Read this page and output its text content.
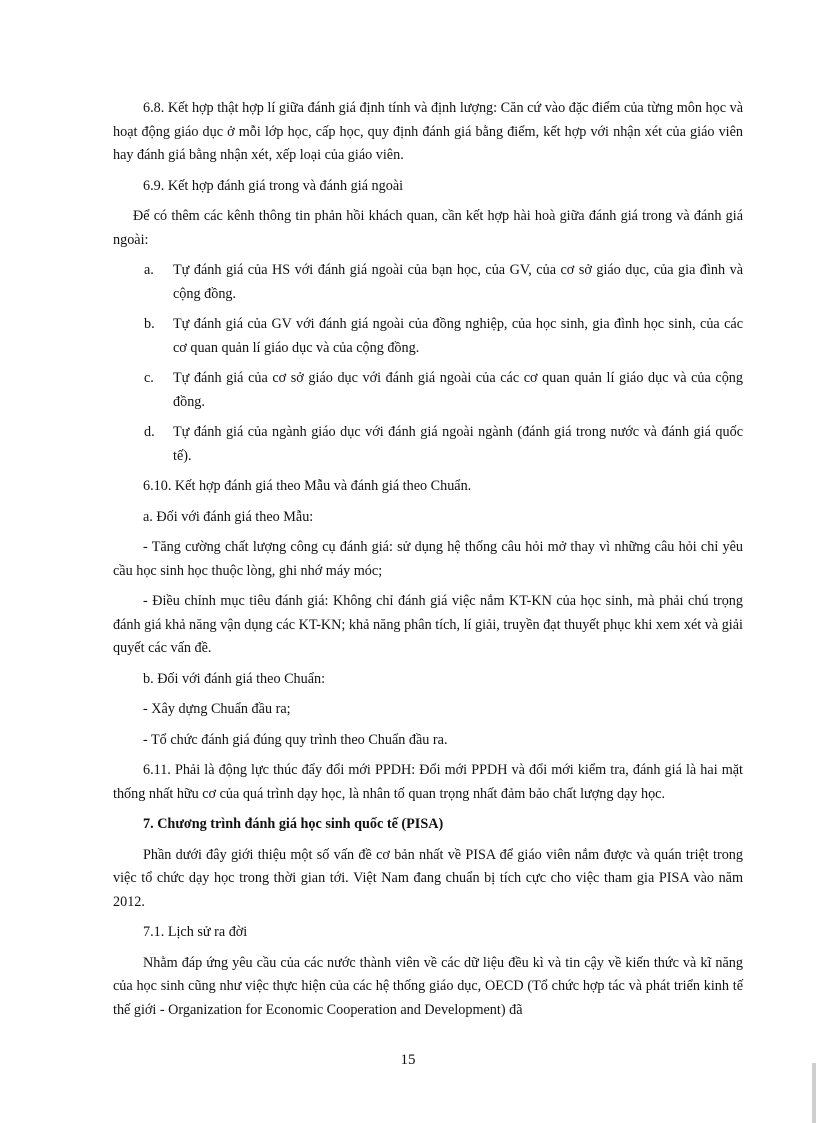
6.8. Kết hợp thật hợp lí giữa đánh giá định tính và định lượng: Căn cứ vào đặc điểm của từng môn học và hoạt động giáo dục ở mỗi lớp học, cấp học, quy định đánh giá bằng điểm, kết hợp với nhận xét của giáo viên hay đánh giá bằng nhận xét, xếp loại của giáo viên.

6.9. Kết hợp đánh giá trong và đánh giá ngoài

Để có thêm các kênh thông tin phản hồi khách quan, cần kết hợp hài hoà giữa đánh giá trong và đánh giá ngoài:

a.	Tự đánh giá của HS với đánh giá ngoài của bạn học, của GV, của cơ sở giáo dục, của gia đình và cộng đồng.
b.	Tự đánh giá của GV với đánh giá ngoài của đồng nghiệp, của học sinh, gia đình học sinh, của các cơ quan quản lí giáo dục và của cộng đồng.
c.	Tự đánh giá của cơ sở giáo dục với đánh giá ngoài của các cơ quan quản lí giáo dục và của cộng đồng.
d.	Tự đánh giá của ngành giáo dục với đánh giá ngoài ngành (đánh giá trong nước và đánh giá quốc tế).

6.10. Kết hợp đánh giá theo Mẫu và đánh giá theo Chuẩn.

a. Đối với đánh giá theo Mẫu:

- Tăng cường chất lượng công cụ đánh giá: sử dụng hệ thống câu hỏi mở thay vì những câu hỏi chỉ yêu cầu học sinh học thuộc lòng, ghi nhớ máy móc;

- Điều chỉnh mục tiêu đánh giá: Không chỉ đánh giá việc nắm KT-KN của học sinh, mà phải chú trọng đánh giá khả năng vận dụng các KT-KN; khả năng phân tích, lí giải, truyền đạt thuyết phục khi xem xét và giải quyết các vấn đề.

b. Đối với đánh giá theo Chuẩn:

- Xây dựng Chuẩn đầu ra;

- Tổ chức đánh giá đúng quy trình theo Chuẩn đầu ra.

6.11. Phải là động lực thúc đẩy đổi mới PPDH: Đổi mới PPDH và đổi mới kiểm tra, đánh giá là hai mặt thống nhất hữu cơ của quá trình dạy học, là nhân tố quan trọng nhất đảm bảo chất lượng dạy học.

7. Chương trình đánh giá học sinh quốc tế (PISA)

Phần dưới đây giới thiệu một số vấn đề cơ bản nhất về PISA để giáo viên nắm được và quán triệt trong việc tổ chức dạy học trong thời gian tới. Việt Nam đang chuẩn bị tích cực cho việc tham gia PISA vào năm 2012.

7.1. Lịch sử ra đời

Nhằm đáp ứng yêu cầu của các nước thành viên về các dữ liệu đều kì và tin cậy về kiến thức và kĩ năng của học sinh cũng như việc thực hiện của các hệ thống giáo dục, OECD (Tổ chức hợp tác và phát triển kinh tế thế giới - Organization for Economic Cooperation and Development) đã

15
